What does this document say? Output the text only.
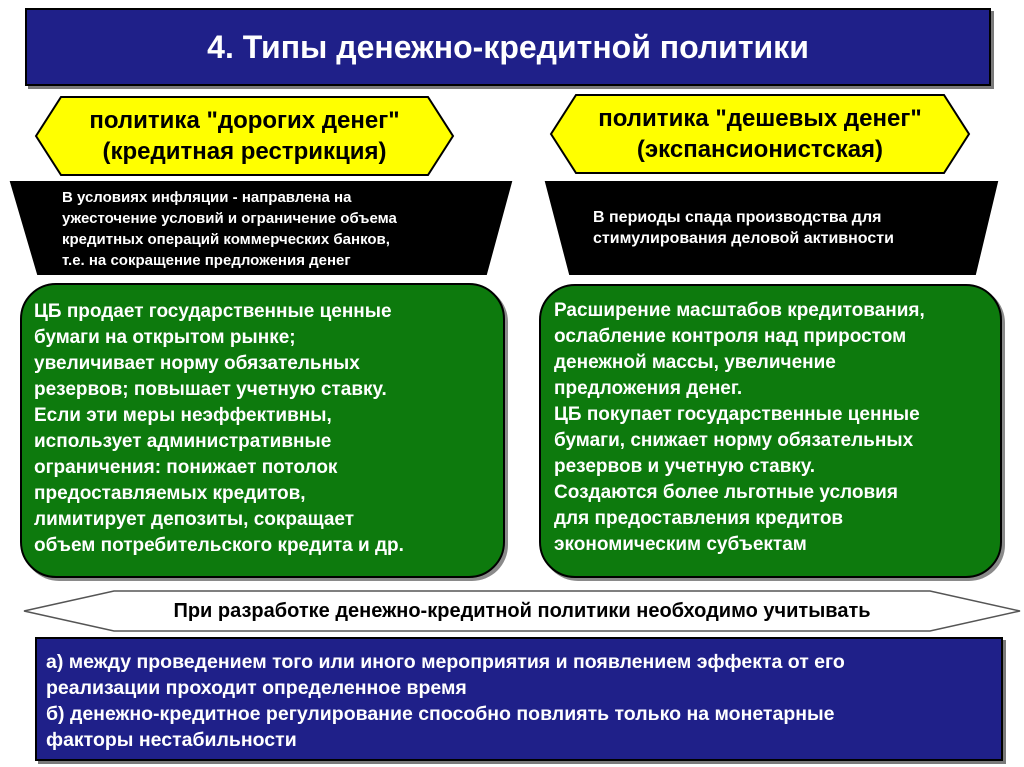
4. Типы денежно-кредитной политики
политика "дорогих денег"
(кредитная рестрикция)
политика "дешевых денег"
(экспансионистская)
В условиях инфляции - направлена на
ужесточение условий и ограничение объема
кредитных операций коммерческих банков,
т.е. на сокращение предложения денег
В периоды спада производства для
стимулирования деловой активности
ЦБ продает государственные ценные
бумаги на открытом рынке;
увеличивает норму обязательных
резервов; повышает учетную ставку.
Если эти меры неэффективны,
использует административные
ограничения: понижает потолок
предоставляемых кредитов,
лимитирует депозиты, сокращает
объем потребительского кредита и др.
Расширение масштабов кредитования,
ослабление контроля над приростом
денежной массы, увеличение
предложения денег.
ЦБ покупает государственные ценные
бумаги, снижает норму обязательных
резервов и учетную ставку.
Создаются более льготные условия
для предоставления кредитов
экономическим субъектам
При разработке денежно-кредитной политики необходимо учитывать
а) между проведением того или иного мероприятия и появлением эффекта от его
реализации проходит определенное время
б) денежно-кредитное регулирование способно повлиять только на монетарные
факторы нестабильности
